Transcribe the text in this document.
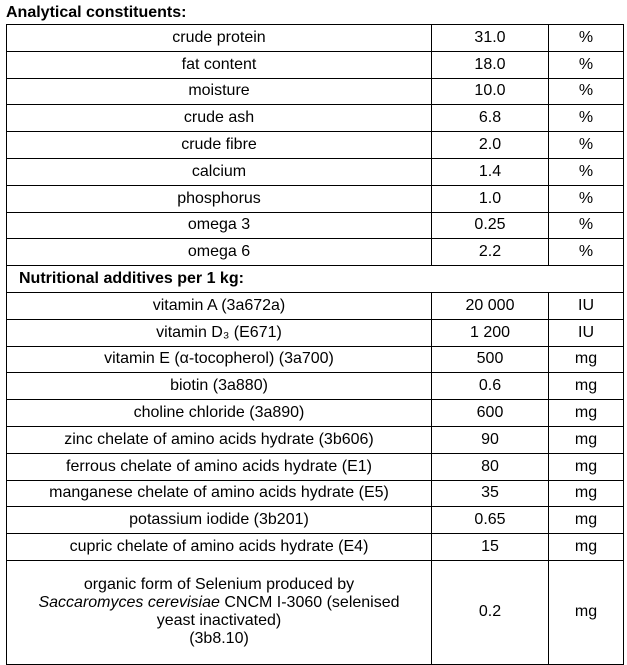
Analytical constituents:
crude protein	31.0	%
fat content	18.0	%
moisture	10.0	%
crude ash	6.8	%
crude fibre	2.0	%
calcium	1.4	%
phosphorus	1.0	%
omega 3	0.25	%
omega 6	2.2	%
Nutritional additives per 1 kg:		
vitamin A (3a672a)	20 000	IU
vitamin D₃ (E671)	1 200	IU
vitamin E (α-tocopherol) (3a700)	500	mg
biotin (3a880)	0.6	mg
choline chloride (3a890)	600	mg
zinc chelate of amino acids hydrate (3b606)	90	mg
ferrous chelate of amino acids hydrate (E1)	80	mg
manganese chelate of amino acids hydrate (E5)	35	mg
potassium iodide (3b201)	0.65	mg
cupric chelate of amino acids hydrate (E4)	15	mg

organic form of Selenium produced by
Saccaromyces cerevisiae CNCM I-3060 (selenised
yeast inactivated)
(3b8.10)	0.2	mg
